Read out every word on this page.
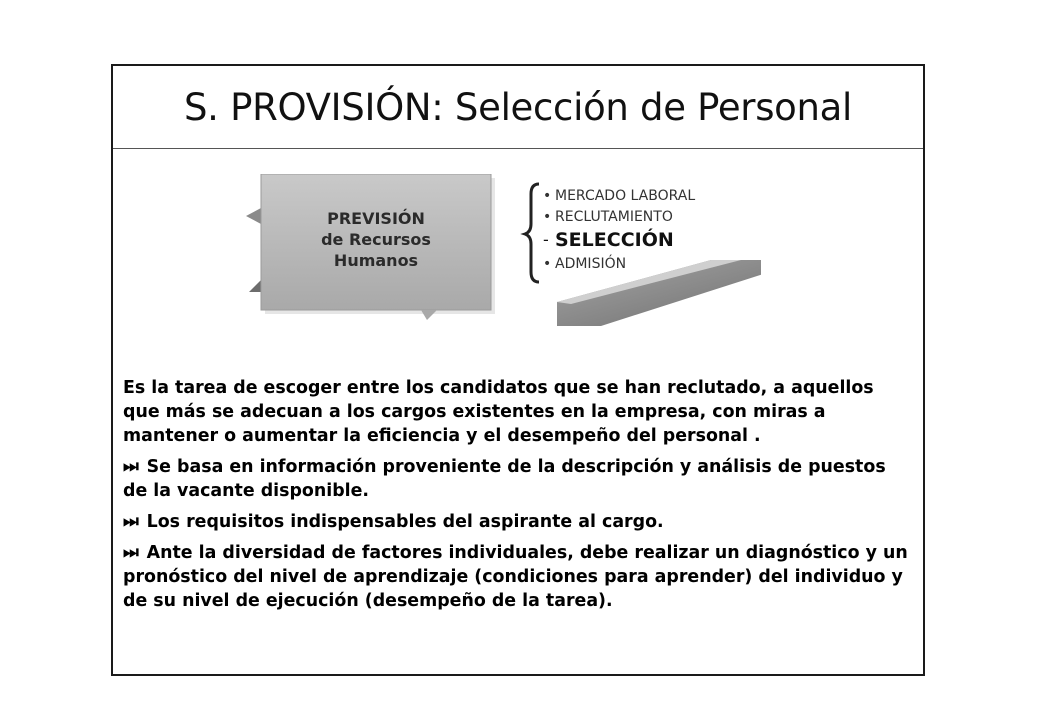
S. PROVISIÓN: Selección de Personal
PREVISIÓN
de Recursos
Humanos
• MERCADO LABORAL
• RECLUTAMIENTO
- SELECCIÓN
• ADMISIÓN

Es la tarea de escoger entre los candidatos que se han reclutado, a aquellos que más se adecuan a los cargos existentes en la empresa, con miras a mantener o aumentar la eficiencia y el desempeño del personal .

⏭ Se basa en información proveniente de la descripción y análisis de puestos de la vacante disponible.

⏭ Los requisitos indispensables del aspirante al cargo.

⏭ Ante la diversidad de factores individuales, debe realizar un diagnóstico y un pronóstico del nivel de aprendizaje (condiciones para aprender) del individuo y de su nivel de ejecución (desempeño de la tarea).
